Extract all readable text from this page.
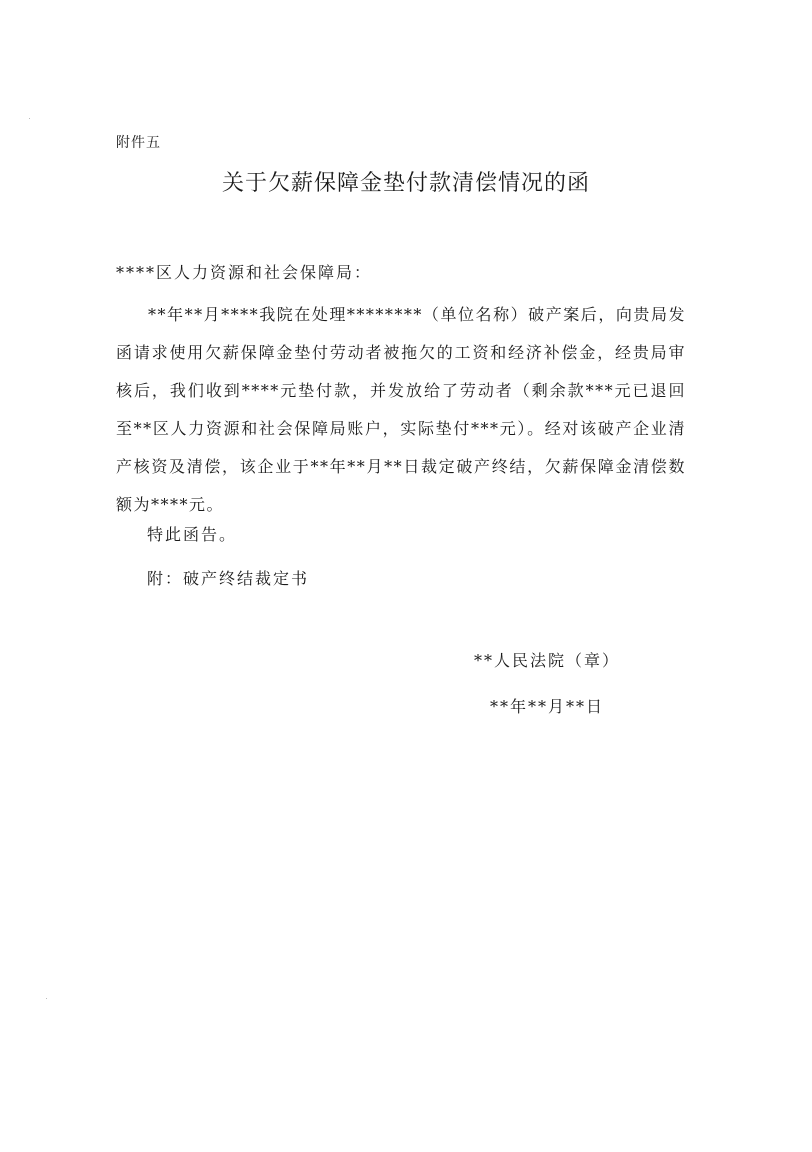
附件五
关于欠薪保障金垫付款清偿情况的函
****区人力资源和社会保障局：
**年**月****我院在处理********（单位名称）破产案后，向贵局发函请求使用欠薪保障金垫付劳动者被拖欠的工资和经济补偿金，经贵局审核后，我们收到****元垫付款，并发放给了劳动者（剩余款***元已退回至**区人力资源和社会保障局账户，实际垫付***元）。经对该破产企业清产核资及清偿，该企业于**年**月**日裁定破产终结，欠薪保障金清偿数额为****元。
特此函告。
附：破产终结裁定书
**人民法院（章）
**年**月**日
